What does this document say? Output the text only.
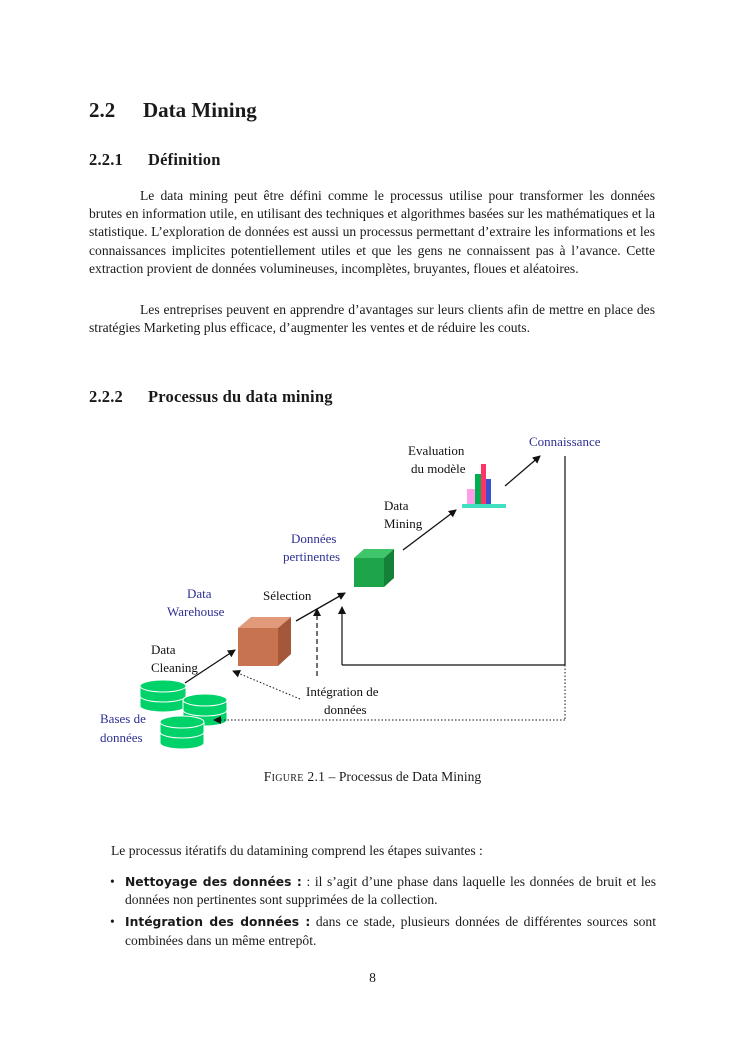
2.2 Data Mining
2.2.1 Définition

Le data mining peut être défini comme le processus utilise pour transformer les données brutes en information utile, en utilisant des techniques et algorithmes basées sur les mathématiques et la statistique. L’exploration de données est aussi un processus permettant d’extraire les informations et les connaissances implicites potentiellement utiles et que les gens ne connaissent pas à l’avance. Cette extraction provient de données volumineuses, incomplètes, bruyantes, floues et aléatoires.

Les entreprises peuvent en apprendre d’avantages sur leurs clients afin de mettre en place des stratégies Marketing plus efficace, d’augmenter les ventes et de réduire les couts.

2.2.2 Processus du data mining
Bases de
données
Data
Cleaning
Data
Warehouse
Sélection
Intégration de
données
Données
pertinentes
Data
Mining
Evaluation
du modèle
Connaissance
Figure 2.1 – Processus de Data Mining

Le processus itératifs du datamining comprend les étapes suivantes :

• Nettoyage des données : : il s’agit d’une phase dans laquelle les données de bruit et les données non pertinentes sont supprimées de la collection.
• Intégration des données : dans ce stade, plusieurs données de différentes sources sont combinées dans un même entrepôt.
8
